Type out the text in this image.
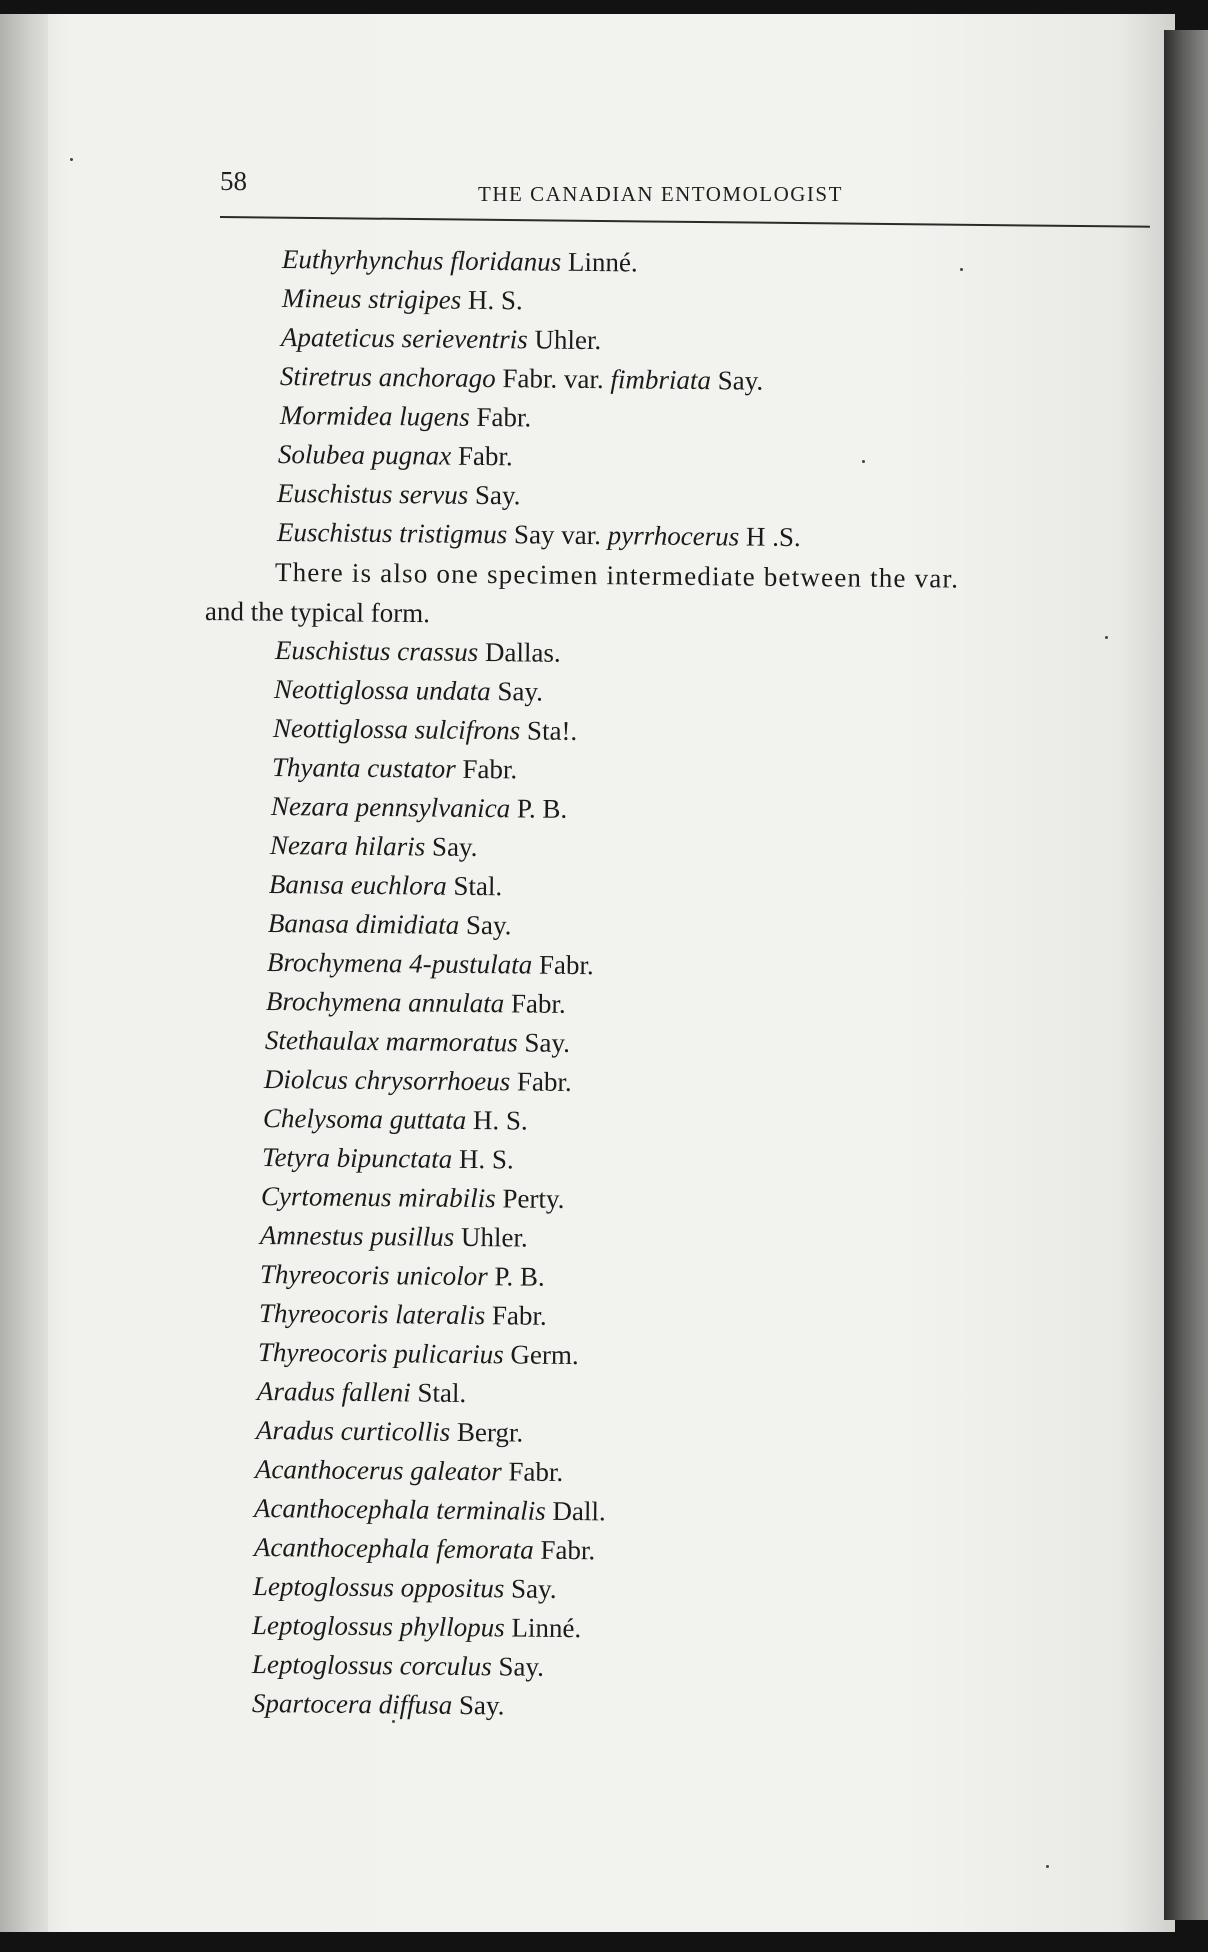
58	THE CANADIAN ENTOMOLOGIST
Euthyrhynchus floridanus Linné.
Mineus strigipes H. S.
Apateticus serieventris Uhler.
Stiretrus anchorago Fabr. var. fimbriata Say.
Mormidea lugens Fabr.
Solubea pugnax Fabr.
Euschistus servus Say.
Euschistus tristigmus Say var. pyrrhocerus H .S.
There is also one specimen intermediate between the var.
and the typical form.
Euschistus crassus Dallas.
Neottiglossa undata Say.
Neottiglossa sulcifrons Sta!.
Thyanta custator Fabr.
Nezara pennsylvanica P. B.
Nezara hilaris Say.
Banısa euchlora Stal.
Banasa dimidiata Say.
Brochymena 4-pustulata Fabr.
Brochymena annulata Fabr.
Stethaulax marmoratus Say.
Diolcus chrysorrhoeus Fabr.
Chelysoma guttata H. S.
Tetyra bipunctata H. S.
Cyrtomenus mirabilis Perty.
Amnestus pusillus Uhler.
Thyreocoris unicolor P. B.
Thyreocoris lateralis Fabr.
Thyreocoris pulicarius Germ.
Aradus falleni Stal.
Aradus curticollis Bergr.
Acanthocerus galeator Fabr.
Acanthocephala terminalis Dall.
Acanthocephala femorata Fabr.
Leptoglossus oppositus Say.
Leptoglossus phyllopus Linné.
Leptoglossus corculus Say.
Spartocera diffusa Say.
